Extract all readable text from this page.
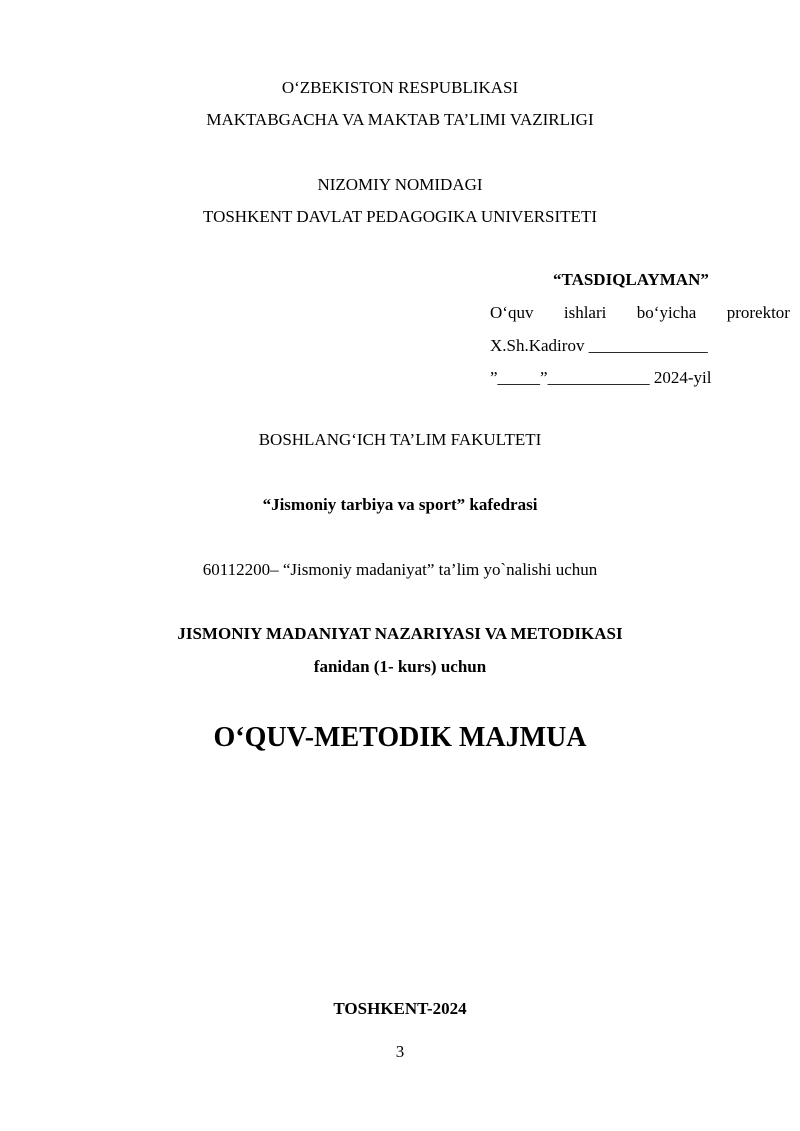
O‘ZBEKISTON RESPUBLIKASI
MAKTABGACHA VA MAKTAB TA’LIMI VAZIRLIGI
NIZOMIY NOMIDAGI
TOSHKENT DAVLAT PEDAGOGIKA UNIVERSITETI
“TASDIQLAYMAN”
O‘quv ishlari bo‘yicha prorektor
X.Sh.Kadirov ______________
”_____”____________ 2024-yil
BOSHLANG‘ICH TA’LIM FAKULTETI
“Jismoniy tarbiya va sport” kafedrasi
60112200– “Jismoniy madaniyat” ta’lim yo`nalishi uchun
JISMONIY MADANIYAT NAZARIYASI VA METODIKASI
fanidan (1- kurs) uchun
O‘QUV-METODIK MAJMUA
TOSHKENT-2024
3
